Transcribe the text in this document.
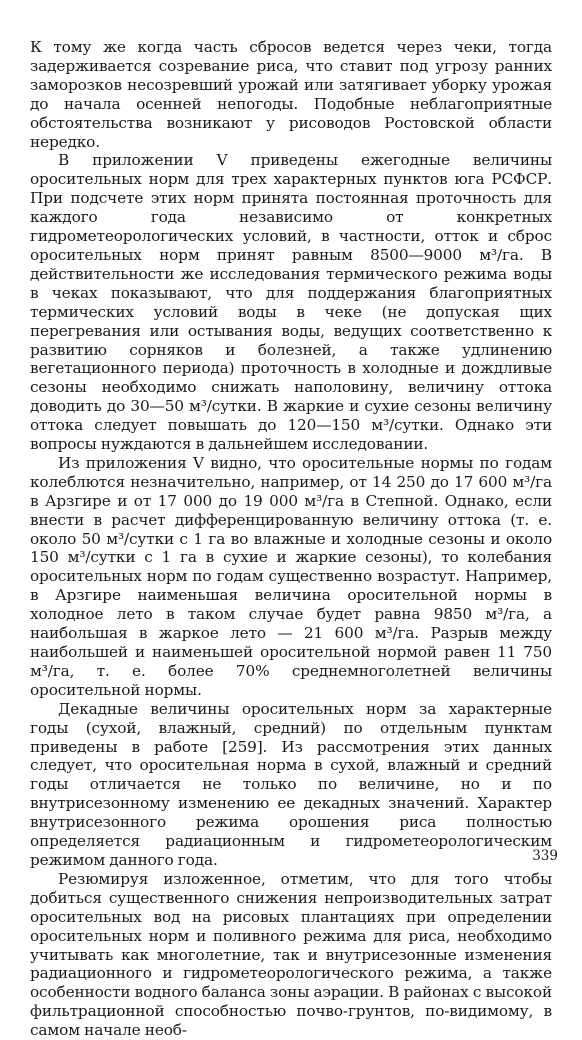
К тому же когда часть сбросов ведется через чеки, тогда задерживается созревание риса, что ставит под угрозу ранних заморозков несозревший урожай или затягивает уборку урожая до начала осенней непогоды. Подобные неблагоприятные обстоятельства возникают у рисоводов Ростовской области нередко.

В приложении V приведены ежегодные величины оросительных норм для трех характерных пунктов юга РСФСР. При подсчете этих норм принята постоянная проточность для каждого года независимо от конкретных гидрометеорологических условий, в частности, отток и сброс оросительных норм принят равным 8500—9000 м³/га. В действительности же исследования термического режима воды в чеках показывают, что для поддержания благоприятных термических условий воды в чеке (не допуская щих перегревания или остывания воды, ведущих соответственно к развитию сорняков и болезней, а также удлинению вегетационного периода) проточность в холодные и дождливые сезоны необходимо снижать наполовину, величину оттока доводить до 30—50 м³/сутки. В жаркие и сухие сезоны величину оттока следует повышать до 120—150 м³/сутки. Однако эти вопросы нуждаются в дальнейшем исследовании.

Из приложения V видно, что оросительные нормы по годам колеблются незначительно, например, от 14 250 до 17 600 м³/га в Арзгире и от 17 000 до 19 000 м³/га в Степной. Однако, если внести в расчет дифференцированную величину оттока (т. е. около 50 м³/сутки с 1 га во влажные и холодные сезоны и около 150 м³/сутки с 1 га в сухие и жаркие сезоны), то колебания оросительных норм по годам существенно возрастут. Например, в Арзгире наименьшая величина оросительной нормы в холодное лето в таком случае будет равна 9850 м³/га, а наибольшая в жаркое лето — 21 600 м³/га. Разрыв между наибольшей и наименьшей оросительной нормой равен 11 750 м³/га, т. е. более 70% среднемноголетней величины оросительной нормы.

Декадные величины оросительных норм за характерные годы (сухой, влажный, средний) по отдельным пунктам приведены в работе [259]. Из рассмотрения этих данных следует, что оросительная норма в сухой, влажный и средний годы отличается не только по величине, но и по внутрисезонному изменению ее декадных значений. Характер внутрисезонного режима орошения риса полностью определяется радиационным и гидрометеорологическим режимом данного года.

Резюмируя изложенное, отметим, что для того чтобы добиться существенного снижения непроизводительных затрат оросительных вод на рисовых плантациях при определении оросительных норм и поливного режима для риса, необходимо учитывать как многолетние, так и внутрисезонные изменения радиационного и гидрометеорологического режима, а также особенности водного баланса зоны аэрации. В районах с высокой фильтрационной способностью почво-грунтов, по-видимому, в самом начале необ-

339
